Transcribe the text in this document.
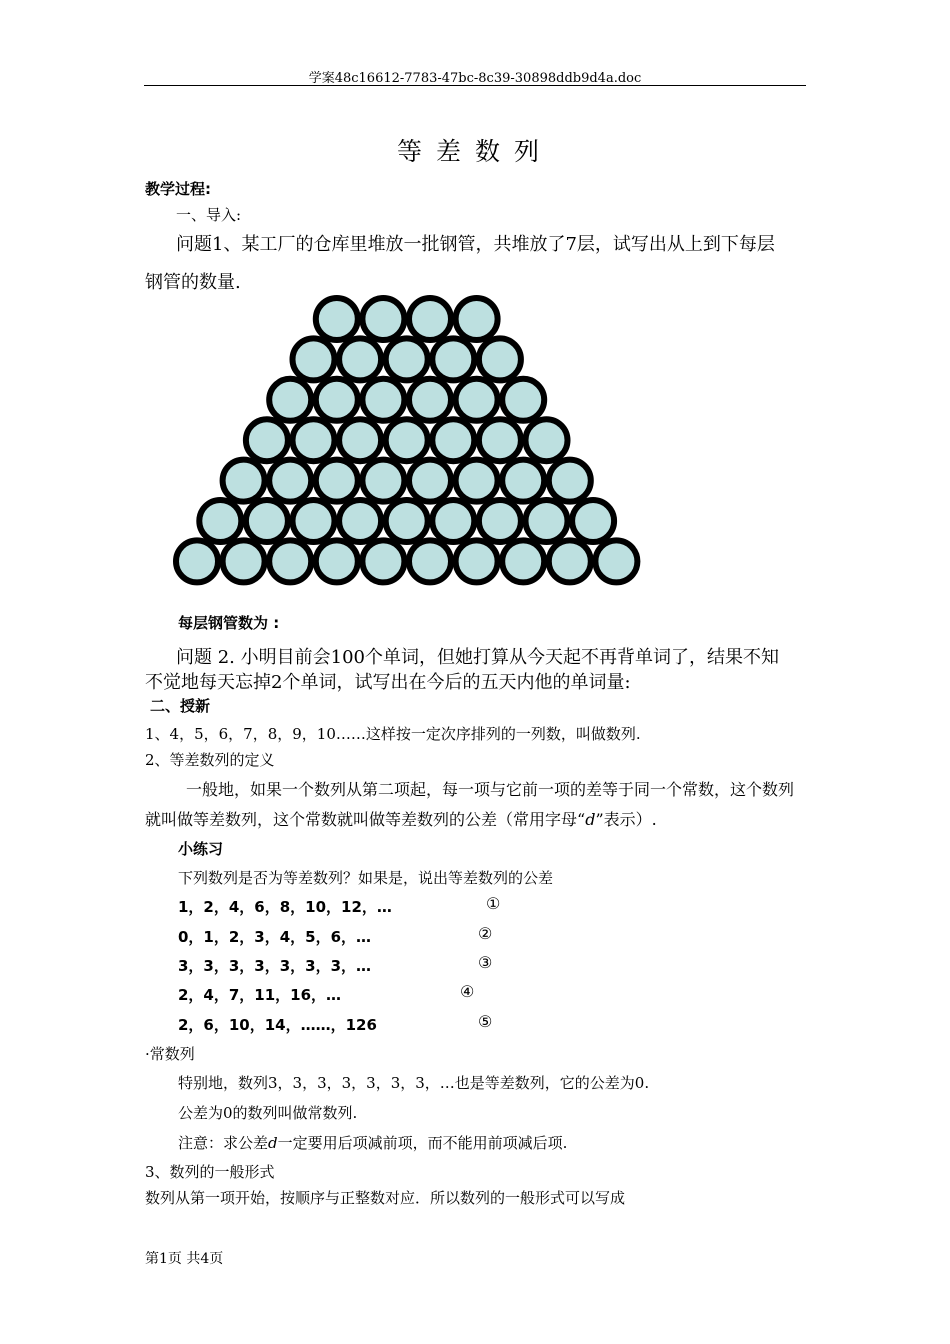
学案48c16612-7783-47bc-8c39-30898ddb9d4a.doc
等差数列
教学过程:
一、导入:
问题1、某工厂的仓库里堆放一批钢管，共堆放了7层，试写出从上到下每层
钢管的数量.
每层钢管数为 :
问题 2. 小明目前会100个单词，但她打算从今天起不再背单词了，结果不知
不觉地每天忘掉2个单词，试写出在今后的五天内他的单词量:
二、授新
1、4，5，6，7，8，9，10……这样按一定次序排列的一列数，叫做数列.
2、等差数列的定义
一般地，如果一个数列从第二项起，每一项与它前一项的差等于同一个常数，这个数列
就叫做等差数列，这个常数就叫做等差数列的公差（常用字母“d”表示）.
小练习
下列数列是否为等差数列？如果是，说出等差数列的公差
1，2，4，6，8，10，12，…	①
0，1，2，3，4，5，6，…	②
3，3，3，3，3，3，3，…	③
2，4，7，11，16，…	④
2，6，10，14，……，126	⑤
·常数列
特别地，数列3，3，3，3，3，3，3，…也是等差数列，它的公差为0.
公差为0的数列叫做常数列.
注意：求公差d一定要用后项减前项，而不能用前项减后项.
3、数列的一般形式
数列从第一项开始，按顺序与正整数对应．所以数列的一般形式可以写成
第1页 共4页
